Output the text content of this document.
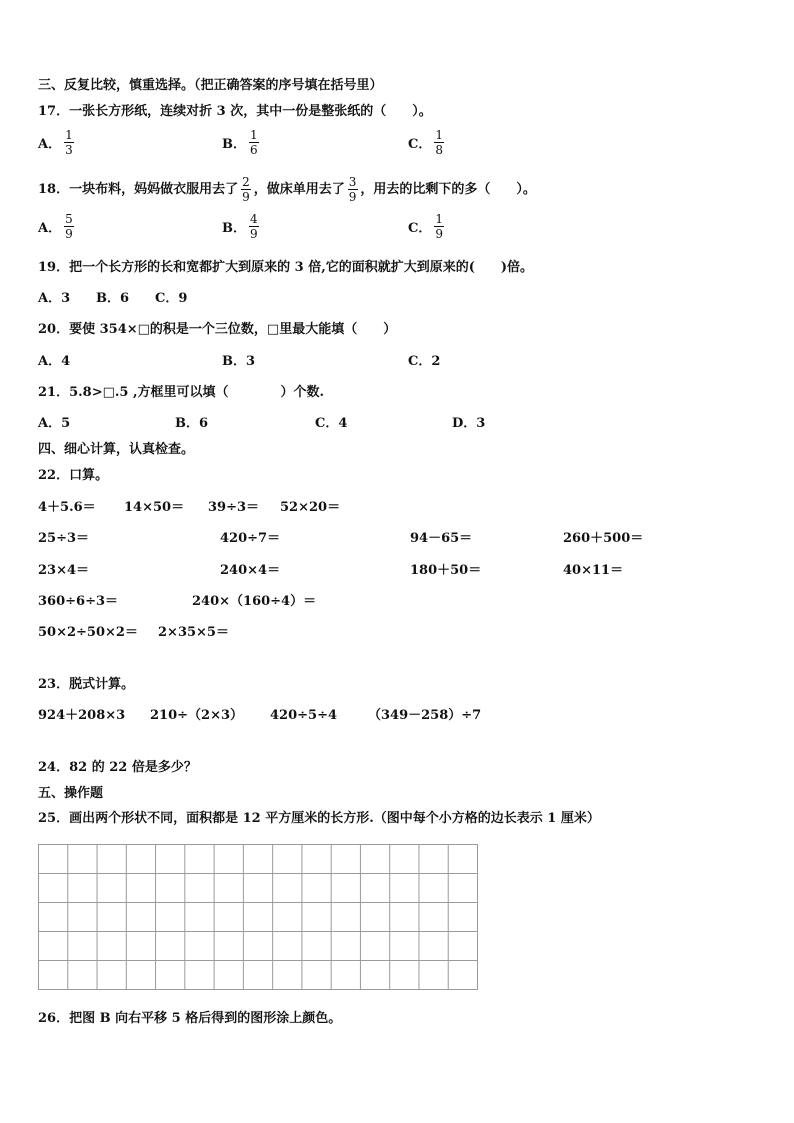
三、反复比较，慎重选择。（把正确答案的序号填在括号里）
17．一张长方形纸，连续对折 3 次，其中一份是整张纸的（　　）。
A． $\frac{1}{3}$	B． $\frac{1}{6}$	C． $\frac{1}{8}$
18．一块布料，妈妈做衣服用去了 $\frac{2}{9}$ ，做床单用去了 $\frac{3}{9}$ ，用去的比剩下的多（　　）。
A． $\frac{5}{9}$	B． $\frac{4}{9}$	C． $\frac{1}{9}$
19．把一个长方形的长和宽都扩大到原来的 3 倍,它的面积就扩大到原来的(　　)倍。
A．3 B．6 C．9
20．要使 354×□的积是一个三位数，□里最大能填（　　）
A．4	B．3	C．2
21．5.8>□.5 ,方框里可以填（　　　　）个数.
A．5	B．6	C．4	D．3
四、细心计算，认真检查。
22．口算。
4＋5.6＝ 14×50＝ 39÷3＝ 52×20＝
25÷3＝	420÷7＝	94－65＝	260＋500＝
23×4＝	240×4＝	180＋50＝	40×11＝
360÷6÷3＝	240×（160÷4）＝
50×2÷50×2＝ 2×35×5＝
23．脱式计算。
924＋208×3 210÷（2×3） 420÷5÷4 （349－258）÷7
24．82 的 22 倍是多少？
五、操作题
25．画出两个形状不同，面积都是 12 平方厘米的长方形.（图中每个小方格的边长表示 1 厘米）
26．把图 B 向右平移 5 格后得到的图形涂上颜色。
